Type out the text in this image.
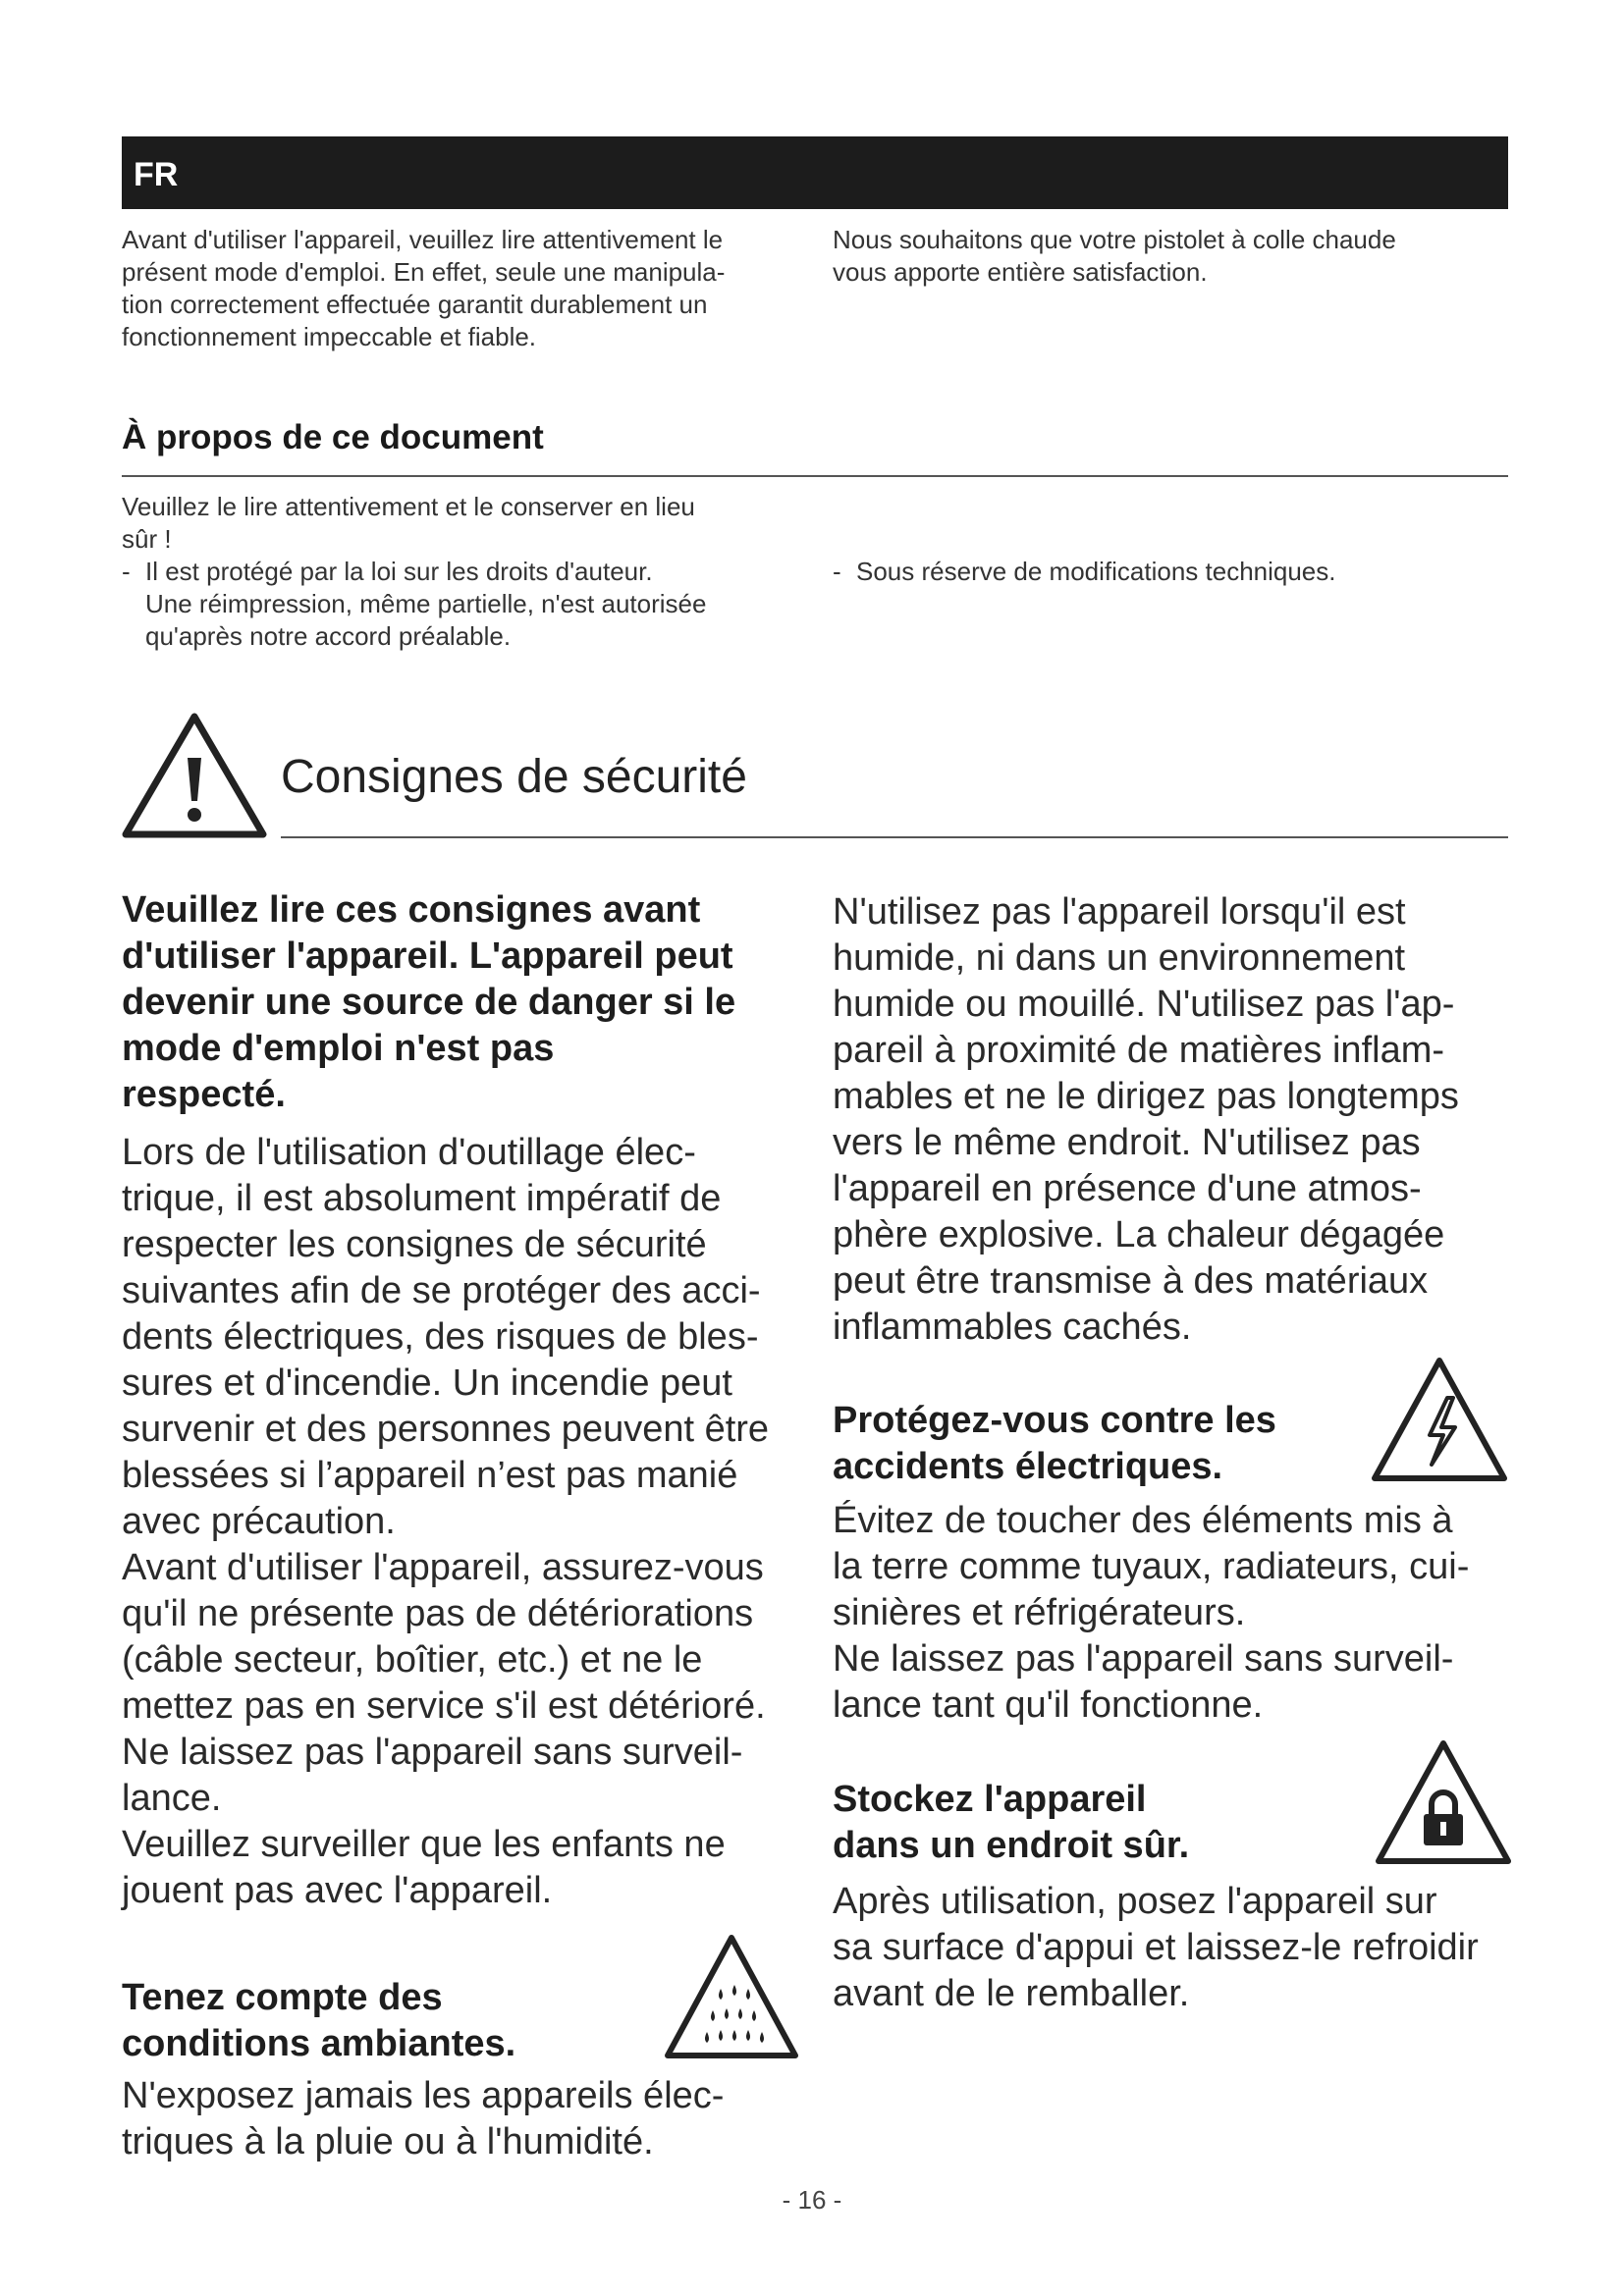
FR

Avant d'utiliser l'appareil, veuillez lire attentivement le

présent mode d'emploi. En effet, seule une manipula-

tion correctement effectuée garantit durablement un

fonctionnement impeccable et fiable.

Nous souhaitons que votre pistolet à colle chaude

vous apporte entière satisfaction.

À propos de ce document

Veuillez le lire attentivement et le conserver en lieu

sûr !

- Il est protégé par la loi sur les droits d'auteur.

Une réimpression, même partielle, n'est autorisée

qu'après notre accord préalable.

- Sous réserve de modifications techniques.

Consignes de sécurité
Veuillez lire ces consignes avant
d'utiliser l'appareil. L'appareil peut
devenir une source de danger si le
mode d'emploi n'est pas
respecté.

Lors de l'utilisation d'outillage élec-

trique, il est absolument impératif de

respecter les consignes de sécurité

suivantes afin de se protéger des acci-

dents électriques, des risques de bles-

sures et d'incendie. Un incendie peut

survenir et des personnes peuvent être

blessées si l’appareil n’est pas manié

avec précaution.

Avant d'utiliser l'appareil, assurez-vous

qu'il ne présente pas de détériorations

(câble secteur, boîtier, etc.) et ne le

mettez pas en service s'il est détérioré.

Ne laissez pas l'appareil sans surveil-

lance.

Veuillez surveiller que les enfants ne

jouent pas avec l'appareil.

Tenez compte des
conditions ambiantes.

N'exposez jamais les appareils élec-

triques à la pluie ou à l'humidité.

N'utilisez pas l'appareil lorsqu'il est

humide, ni dans un environnement

humide ou mouillé. N'utilisez pas l'ap-

pareil à proximité de matières inflam-

mables et ne le dirigez pas longtemps

vers le même endroit. N'utilisez pas

l'appareil en présence d'une atmos-

phère explosive. La chaleur dégagée

peut être transmise à des matériaux

inflammables cachés.

Protégez-vous contre les
accidents électriques.

Évitez de toucher des éléments mis à

la terre comme tuyaux, radiateurs, cui-

sinières et réfrigérateurs.

Ne laissez pas l'appareil sans surveil-

lance tant qu'il fonctionne.

Stockez l'appareil
dans un endroit sûr.

Après utilisation, posez l'appareil sur

sa surface d'appui et laissez-le refroidir

avant de le remballer.

- 16 -
